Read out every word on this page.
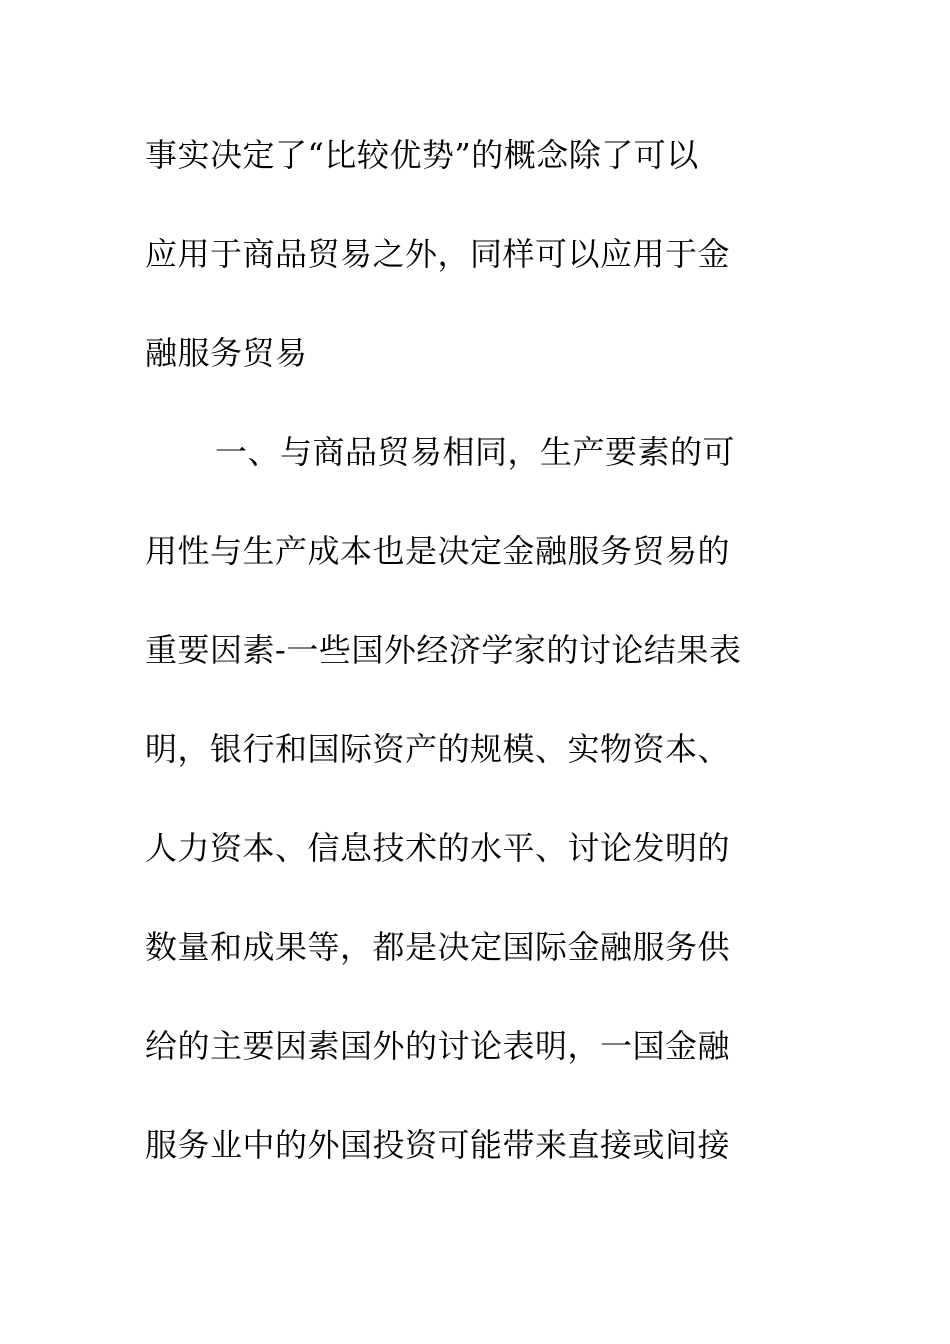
事实决定了“比较优势”的概念除了可以
应用于商品贸易之外，同样可以应用于金
融服务贸易
一、与商品贸易相同，生产要素的可
用性与生产成本也是决定金融服务贸易的
重要因素-一些国外经济学家的讨论结果表
明，银行和国际资产的规模、实物资本、
人力资本、信息技术的水平、讨论发明的
数量和成果等，都是决定国际金融服务供
给的主要因素国外的讨论表明，一国金融
服务业中的外国投资可能带来直接或间接
